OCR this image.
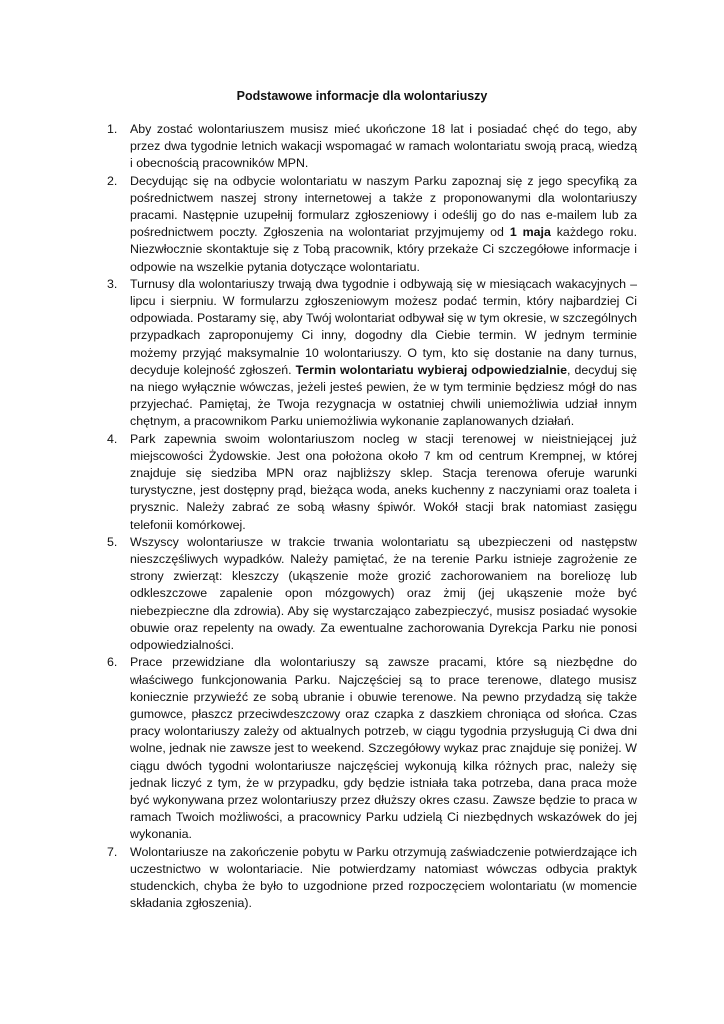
Podstawowe informacje dla wolontariuszy
1. Aby zostać wolontariuszem musisz mieć ukończone 18 lat i posiadać chęć do tego, aby przez dwa tygodnie letnich wakacji wspomagać w ramach wolontariatu swoją pracą, wiedzą i obecnością pracowników MPN.
2. Decydując się na odbycie wolontariatu w naszym Parku zapoznaj się z jego specyfiką za pośrednictwem naszej strony internetowej a także z proponowanymi dla wolontariuszy pracami. Następnie uzupełnij formularz zgłoszeniowy i odeślij go do nas e-mailem lub za pośrednictwem poczty. Zgłoszenia na wolontariat przyjmujemy od 1 maja każdego roku. Niezwłocznie skontaktuje się z Tobą pracownik, który przekaże Ci szczegółowe informacje i odpowie na wszelkie pytania dotyczące wolontariatu.
3. Turnusy dla wolontariuszy trwają dwa tygodnie i odbywają się w miesiącach wakacyjnych – lipcu i sierpniu. W formularzu zgłoszeniowym możesz podać termin, który najbardziej Ci odpowiada. Postaramy się, aby Twój wolontariat odbywał się w tym okresie, w szczególnych przypadkach zaproponujemy Ci inny, dogodny dla Ciebie termin. W jednym terminie możemy przyjąć maksymalnie 10 wolontariuszy. O tym, kto się dostanie na dany turnus, decyduje kolejność zgłoszeń. Termin wolontariatu wybieraj odpowiedzialnie, decyduj się na niego wyłącznie wówczas, jeżeli jesteś pewien, że w tym terminie będziesz mógł do nas przyjechać. Pamiętaj, że Twoja rezygnacja w ostatniej chwili uniemożliwia udział innym chętnym, a pracownikom Parku uniemożliwia wykonanie zaplanowanych działań.
4. Park zapewnia swoim wolontariuszom nocleg w stacji terenowej w nieistniejącej już miejscowości Żydowskie. Jest ona położona około 7 km od centrum Krempnej, w której znajduje się siedziba MPN oraz najbliższy sklep. Stacja terenowa oferuje warunki turystyczne, jest dostępny prąd, bieżąca woda, aneks kuchenny z naczyniami oraz toaleta i prysznic. Należy zabrać ze sobą własny śpiwór. Wokół stacji brak natomiast zasięgu telefonii komórkowej.
5. Wszyscy wolontariusze w trakcie trwania wolontariatu są ubezpieczeni od następstw nieszczęśliwych wypadków. Należy pamiętać, że na terenie Parku istnieje zagrożenie ze strony zwierząt: kleszczy (ukąszenie może grozić zachorowaniem na boreliozę lub odkleszczowe zapalenie opon mózgowych) oraz żmij (jej ukąszenie może być niebezpieczne dla zdrowia). Aby się wystarczająco zabezpieczyć, musisz posiadać wysokie obuwie oraz repelenty na owady. Za ewentualne zachorowania Dyrekcja Parku nie ponosi odpowiedzialności.
6. Prace przewidziane dla wolontariuszy są zawsze pracami, które są niezbędne do właściwego funkcjonowania Parku. Najczęściej są to prace terenowe, dlatego musisz koniecznie przywieźć ze sobą ubranie i obuwie terenowe. Na pewno przydadzą się także gumowce, płaszcz przeciwdeszczowy oraz czapka z daszkiem chroniąca od słońca. Czas pracy wolontariuszy zależy od aktualnych potrzeb, w ciągu tygodnia przysługują Ci dwa dni wolne, jednak nie zawsze jest to weekend. Szczegółowy wykaz prac znajduje się poniżej. W ciągu dwóch tygodni wolontariusze najczęściej wykonują kilka różnych prac, należy się jednak liczyć z tym, że w przypadku, gdy będzie istniała taka potrzeba, dana praca może być wykonywana przez wolontariuszy przez dłuższy okres czasu. Zawsze będzie to praca w ramach Twoich możliwości, a pracownicy Parku udzielą Ci niezbędnych wskazówek do jej wykonania.
7. Wolontariusze na zakończenie pobytu w Parku otrzymują zaświadczenie potwierdzające ich uczestnictwo w wolontariacie. Nie potwierdzamy natomiast wówczas odbycia praktyk studenckich, chyba że było to uzgodnione przed rozpoczęciem wolontariatu (w momencie składania zgłoszenia).
